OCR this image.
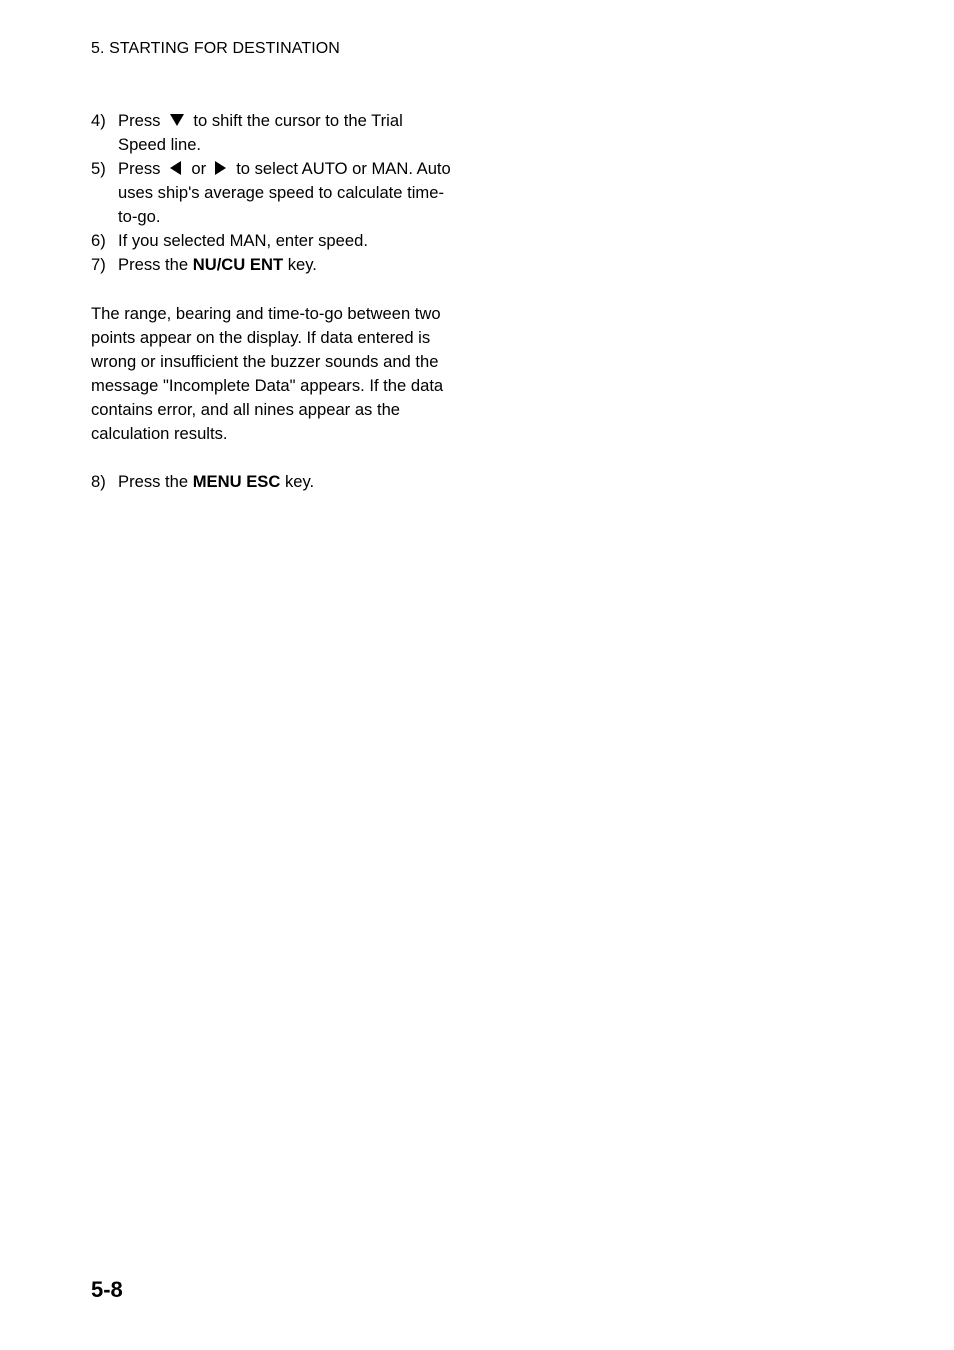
5. STARTING FOR DESTINATION
4) Press to shift the cursor to the Trial Speed line.
5) Press or to select AUTO or MAN. Auto uses ship's average speed to calculate time-to-go.
6) If you selected MAN, enter speed.
7) Press the NU/CU ENT key.
The range, bearing and time-to-go between two points appear on the display. If data entered is wrong or insufficient the buzzer sounds and the message "Incomplete Data" appears. If the data contains error, and all nines appear as the calculation results.
8) Press the MENU ESC key.
5-8
